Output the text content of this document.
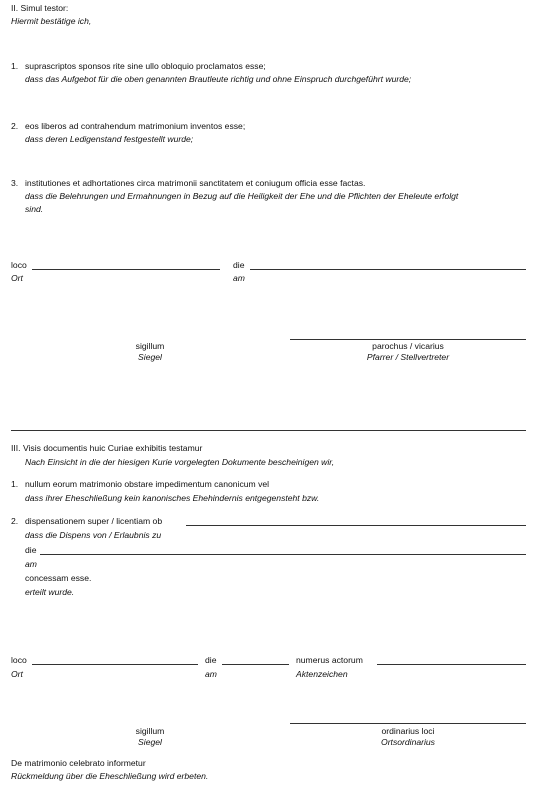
II. Simul testor:
Hiermit bestätige ich,
1. suprascriptos sponsos rite sine ullo obloquio proclamatos esse;
dass das Aufgebot für die oben genannten Brautleute richtig und ohne Einspruch durchgeführt wurde;
2. eos liberos ad contrahendum matrimonium inventos esse;
dass deren Ledigenstand festgestellt wurde;
3. institutiones et adhortationes circa matrimonii sanctitatem et coniugum officia esse factas.
dass die Belehrungen und Ermahnungen in Bezug auf die Heiligkeit der Ehe und die Pflichten der Eheleute erfolgt
sind.
loco
Ort
die
am
sigillum
Siegel
parochus / vicarius
Pfarrer / Stellvertreter
III. Visis documentis huic Curiae exhibitis testamur
Nach Einsicht in die der hiesigen Kurie vorgelegten Dokumente bescheinigen wir,
1. nullum eorum matrimonio obstare impedimentum canonicum vel
dass ihrer Eheschließung kein kanonisches Ehehindernis entgegensteht bzw.
2. dispensationem super / licentiam ob
dass die Dispens von / Erlaubnis zu
die
am
concessam esse.
erteilt wurde.
loco
Ort
die
am
numerus actorum
Aktenzeichen
sigillum
Siegel
ordinarius loci
Ortsordinarius
De matrimonio celebrato informetur
Rückmeldung über die Eheschließung wird erbeten.
